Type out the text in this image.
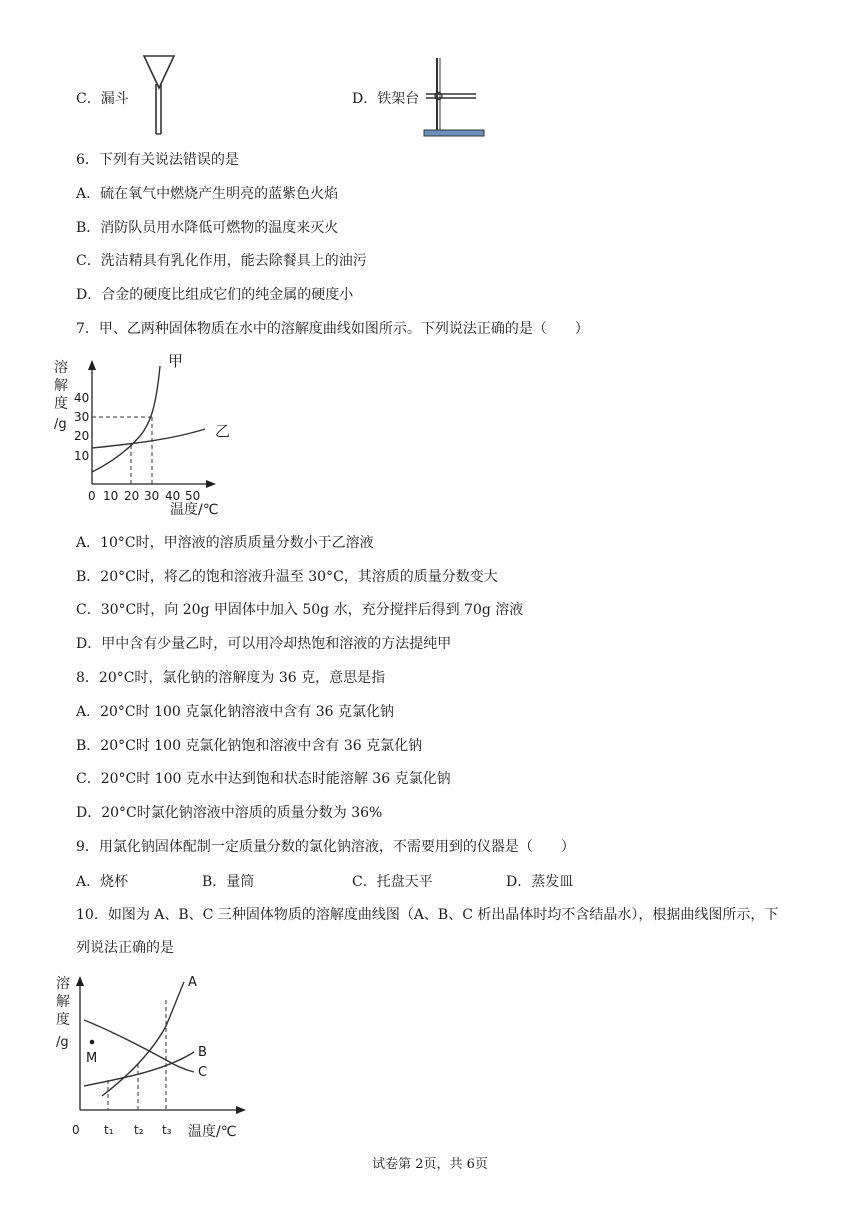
C．漏斗	D．铁架台
6．下列有关说法错误的是
A．硫在氧气中燃烧产生明亮的蓝紫色火焰
B．消防队员用水降低可燃物的温度来灭火
C．洗洁精具有乳化作用，能去除餐具上的油污
D．合金的硬度比组成它们的纯金属的硬度小
7．甲、乙两种固体物质在水中的溶解度曲线如图所示。下列说法正确的是（　　）
溶
解
度
/g
40
30
20
10
0 10 20 30 40 50
温度/℃
甲
乙
A．10°C时，甲溶液的溶质质量分数小于乙溶液
B．20°C时，将乙的饱和溶液升温至 30°C，其溶质的质量分数变大
C．30°C时，向 20g 甲固体中加入 50g 水，充分搅拌后得到 70g 溶液
D．甲中含有少量乙时，可以用冷却热饱和溶液的方法提纯甲
8．20°C时，氯化钠的溶解度为 36 克，意思是指
A．20°C时 100 克氯化钠溶液中含有 36 克氯化钠
B．20°C时 100 克氯化钠饱和溶液中含有 36 克氯化钠
C．20°C时 100 克水中达到饱和状态时能溶解 36 克氯化钠
D．20°C时氯化钠溶液中溶质的质量分数为 36%
9．用氯化钠固体配制一定质量分数的氯化钠溶液，不需要用到的仪器是（　　）
A．烧杯	B．量筒	C．托盘天平	D．蒸发皿
10．如图为 A、B、C 三种固体物质的溶解度曲线图（A、B、C 析出晶体时均不含结晶水），根据曲线图所示，下
列说法正确的是
溶
解
度
/g
M
A
B
C
0 t₁ t₂ t₃ 温度/℃
试卷第 2页，共 6页
